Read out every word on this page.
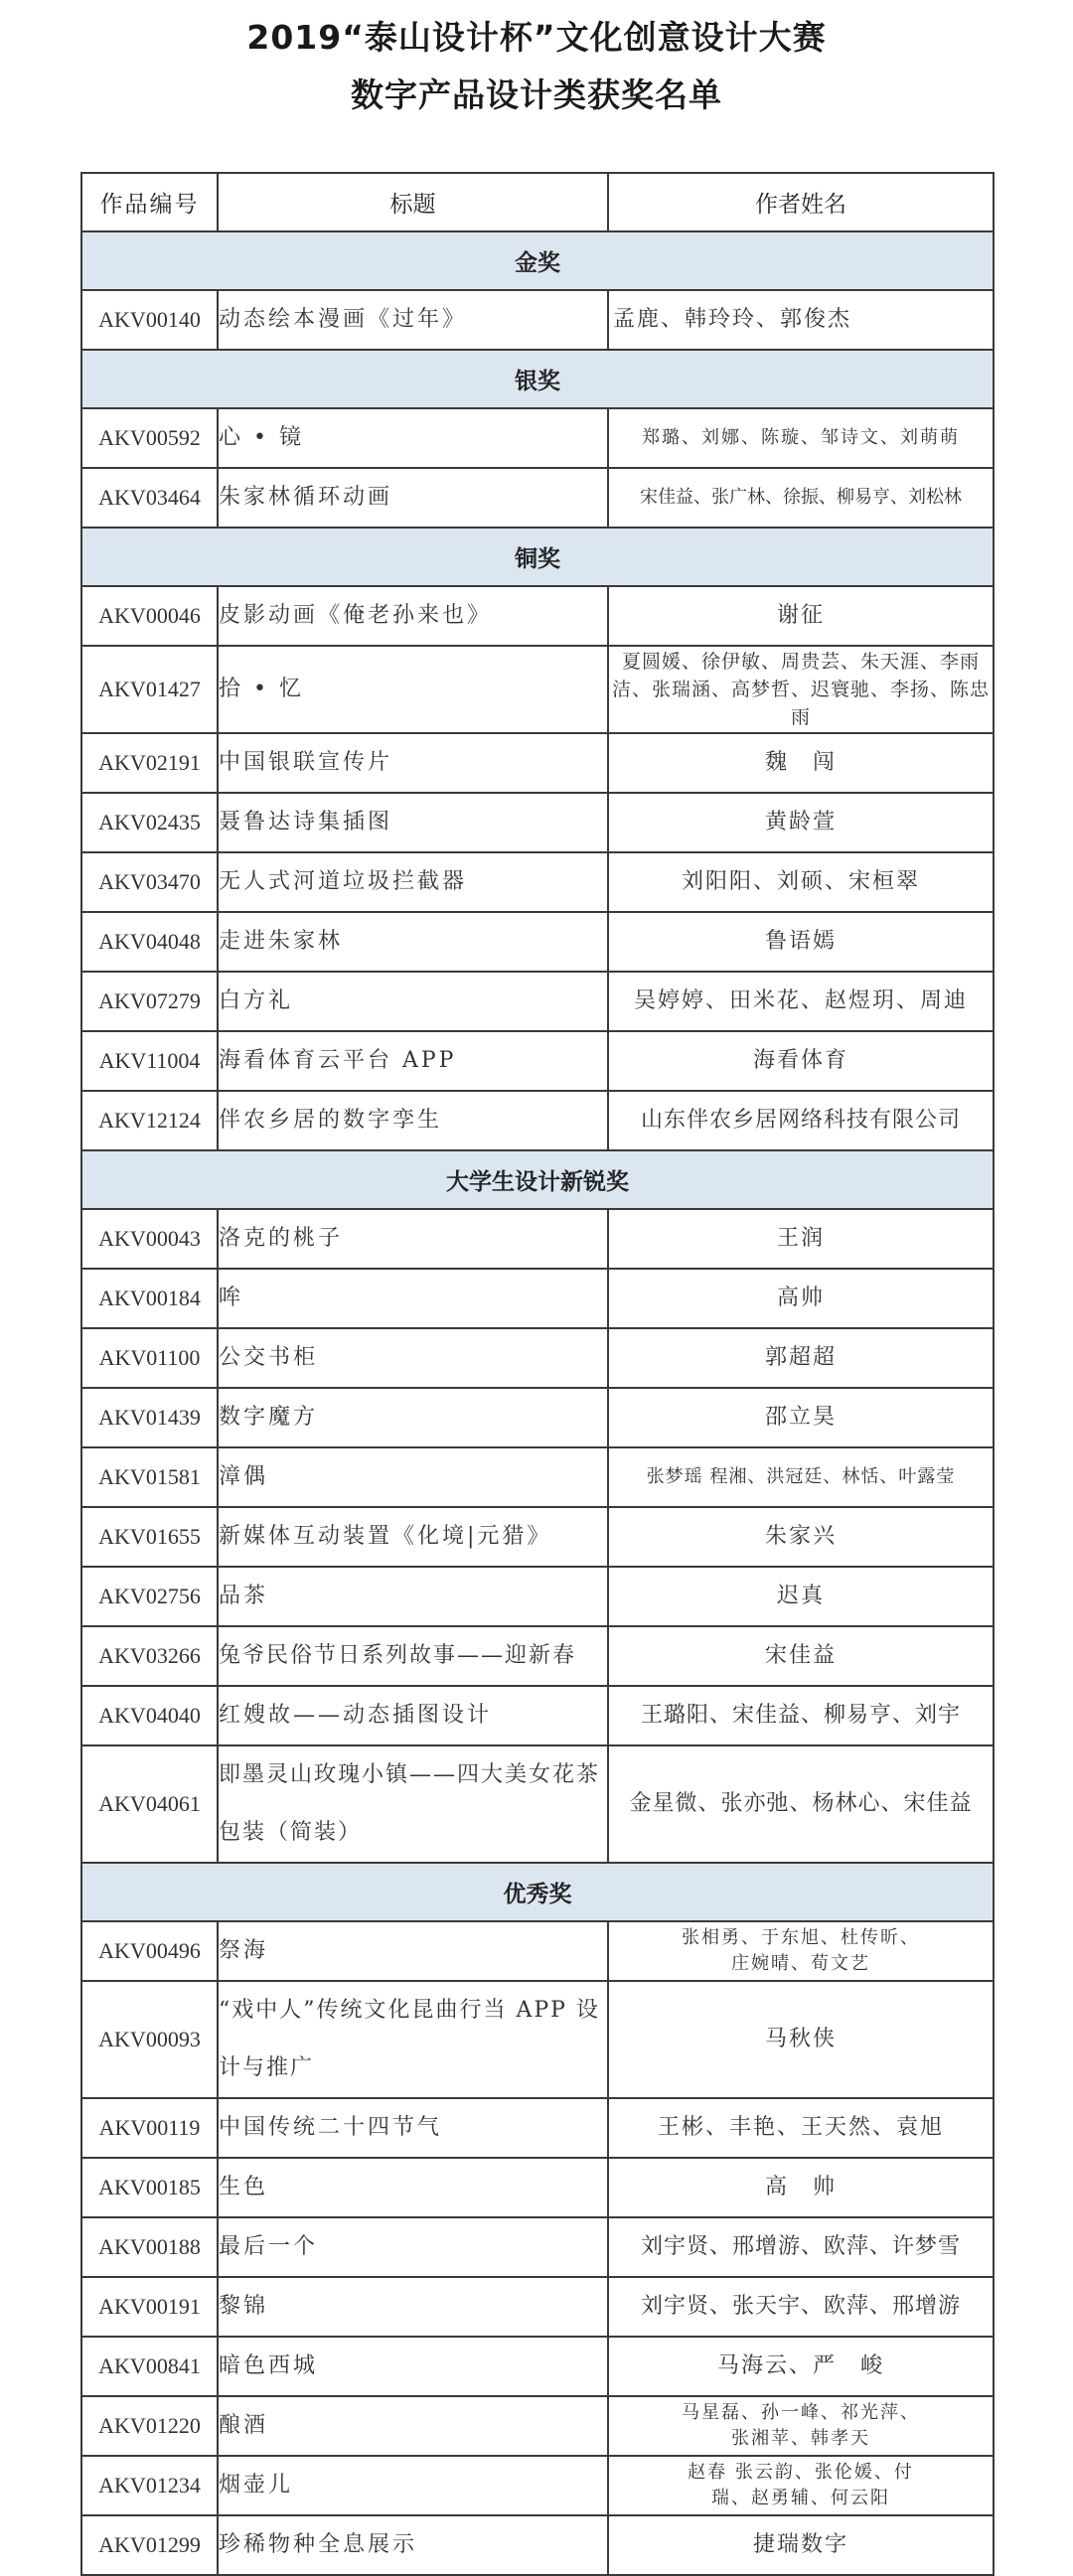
2019“泰山设计杯”文化创意设计大赛
数字产品设计类获奖名单
作品编号	标题	作者姓名
金奖		
AKV00140	动态绘本漫画《过年》	孟鹿、韩玲玲、郭俊杰
银奖		
AKV00592	心 • 镜	郑璐、刘娜、陈璇、邹诗文、刘萌萌
AKV03464	朱家林循环动画	宋佳益、张广林、徐振、柳易亨、刘松林
铜奖		
AKV00046	皮影动画《俺老孙来也》	谢征
AKV01427	拾 • 忆	夏圆媛、徐伊敏、周贵芸、朱天涯、李雨洁、张瑞涵、高梦哲、迟寰驰、李扬、陈忠雨
AKV02191	中国银联宣传片	魏　闯
AKV02435	聂鲁达诗集插图	黄龄萱
AKV03470	无人式河道垃圾拦截器	刘阳阳、刘硕、宋桓翠
AKV04048	走进朱家林	鲁语嫣
AKV07279	白方礼	吴婷婷、田米花、赵煜玥、周迪
AKV11004	海看体育云平台 APP	海看体育
AKV12124	伴农乡居的数字孪生	山东伴农乡居网络科技有限公司
大学生设计新锐奖		
AKV00043	洛克的桃子	王润
AKV00184	哞	高帅
AKV01100	公交书柜	郭超超
AKV01439	数字魔方	邵立昊
AKV01581	漳偶	张梦瑶 程湘、洪冠廷、林恬、叶露莹
AKV01655	新媒体互动装置《化境|元猎》	朱家兴
AKV02756	品茶	迟真
AKV03266	兔爷民俗节日系列故事——迎新春	宋佳益
AKV04040	红嫂故——动态插图设计	王璐阳、宋佳益、柳易亨、刘宇
AKV04061	即墨灵山玫瑰小镇——四大美女花茶包装（简装）	金星微、张亦弛、杨林心、宋佳益
优秀奖		
AKV00496	祭海	张相勇、于东旭、杜传昕、庄婉晴、荀文艺
AKV00093	“戏中人”传统文化昆曲行当 APP 设计与推广	马秋侠
AKV00119	中国传统二十四节气	王彬、丰艳、王天然、袁旭
AKV00185	生色	高　帅
AKV00188	最后一个	刘宇贤、邢增游、欧萍、许梦雪
AKV00191	黎锦	刘宇贤、张天宇、欧萍、邢增游
AKV00841	暗色西城	马海云、严　峻
AKV01220	酿酒	马星磊、孙一峰、祁光萍、张湘苹、韩孝天
AKV01234	烟壶儿	赵春 张云韵、张伦媛、付瑞、赵勇辅、何云阳
AKV01299	珍稀物种全息展示	捷瑞数字
